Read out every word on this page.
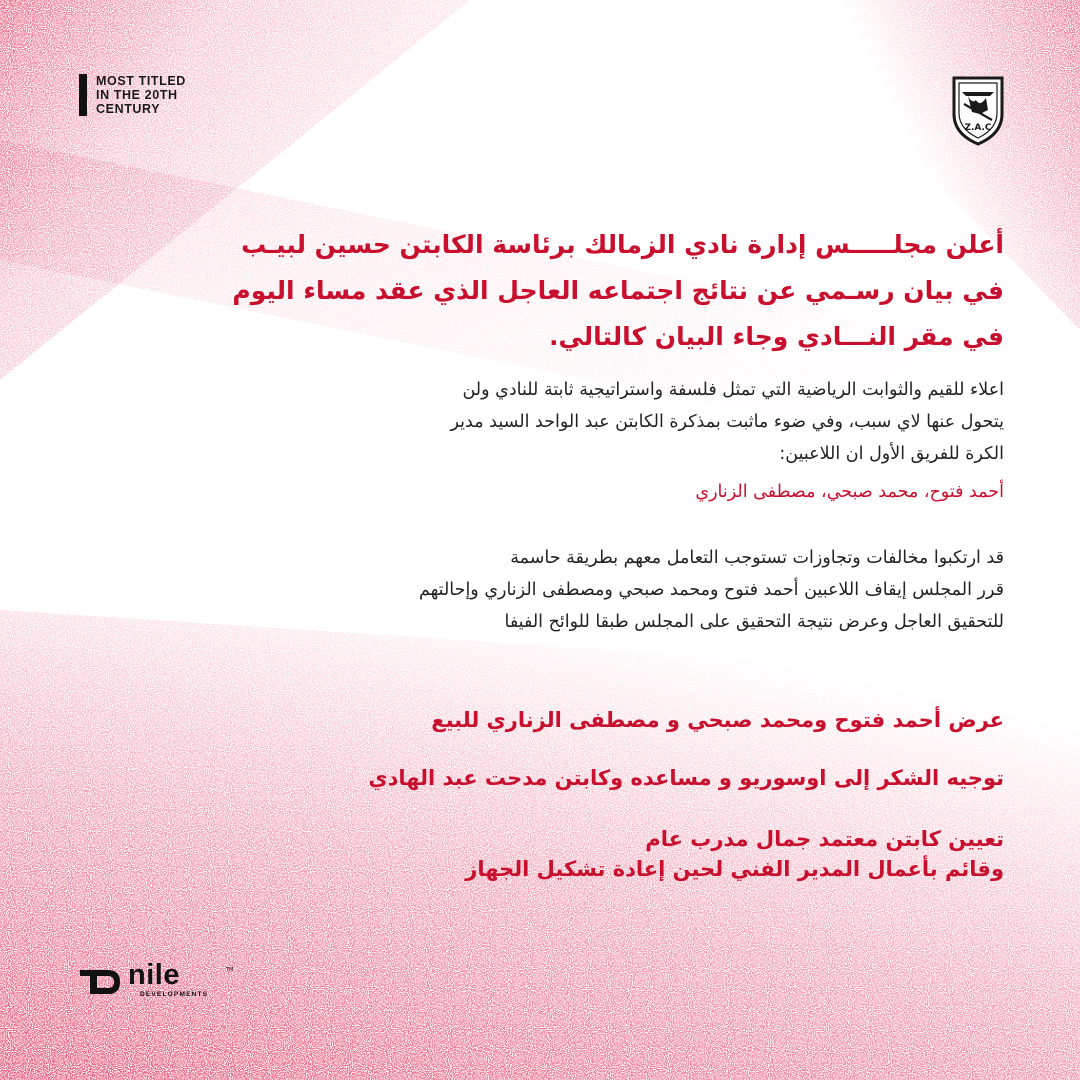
MOST TITLED
IN THE 20TH
CENTURY
Z.A.C
أعلن مجلـــــس إدارة نادي الزمالك برئاسة الكابتن حسين لبيـب
في بيان رسـمي عن نتائج اجتماعه العاجل الذي عقد مساء اليوم
في مقر النـــادي وجاء البيان كالتالي.
اعلاء للقيم والثوابت الرياضية التي تمثل فلسفة واستراتيجية ثابتة للنادي ولن
يتحول عنها لاي سبب، وفي ضوء ماثبت بمذكرة الكابتن عبد الواحد السيد مدير
الكرة للفريق الأول ان اللاعبين:
أحمد فتوح، محمد صبحي، مصطفى الزناري
قد ارتكبوا مخالفات وتجاوزات تستوجب التعامل معهم بطريقة حاسمة
قرر المجلس إيقاف اللاعبين أحمد فتوح ومحمد صبحي ومصطفى الزناري وإحالتهم
للتحقيق العاجل وعرض نتيجة التحقيق على المجلس طبقا للوائح الفيفا
عرض أحمد فتوح ومحمد صبحي و مصطفى الزناري للبيع
توجيه الشكر إلى اوسوريو و مساعده وكابتن مدحت عبد الهادي
تعيين كابتن معتمد جمال مدرب عام
وقائم بأعمال المدير الفني لحين إعادة تشكيل الجهاز
nile	TM
DEVELOPMENTS
